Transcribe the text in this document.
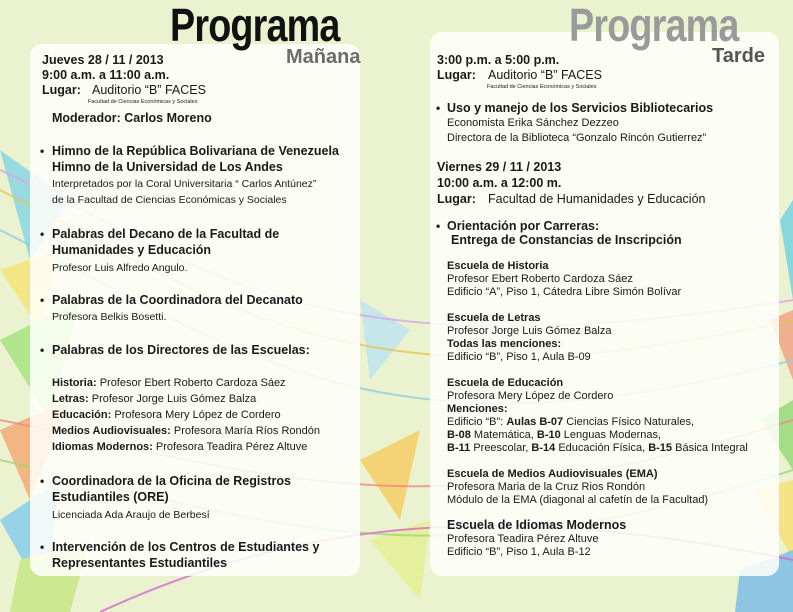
Programa
Mañana
Programa
Tarde
Jueves 28 / 11 / 2013
9:00 a.m. a 11:00 a.m.
Lugar: Auditorio “B” FACES
Facultad de Ciencias Económicas y Sociales
Moderador: Carlos Moreno
• Himno de la República Bolivariana de Venezuela
Himno de la Universidad de Los Andes
Interpretados por la Coral Universitaria “ Carlos Antúnez”
de la Facultad de Ciencias Económicas y Sociales
• Palabras del Decano de la Facultad de
Humanidades y Educación
Profesor Luis Alfredo Angulo.
• Palabras de la Coordinadora del Decanato
Profesora Belkis Bosetti.
• Palabras de los Directores de las Escuelas:
Historia: Profesor Ebert Roberto Cardoza Sáez
Letras: Profesor Jorge Luis Gómez Balza
Educación: Profesora Mery López de Cordero
Medios Audiovisuales: Profesora María Ríos Rondón
Idiomas Modernos: Profesora Teadira Pérez Altuve
• Coordinadora de la Oficina de Registros
Estudiantiles (ORE)
Licenciada Ada Araujo de Berbesí
• Intervención de los Centros de Estudiantes y
Representantes Estudiantiles
3:00 p.m. a 5:00 p.m.
Lugar: Auditorio “B” FACES
Facultad de Ciencias Económicas y Sociales
• Uso y manejo de los Servicios Bibliotecarios
Economista Erika Sánchez Dezzeo
Directora de la Biblioteca “Gonzalo Rincón Gutierrez”
Viernes 29 / 11 / 2013
10:00 a.m. a 12:00 m.
Lugar: Facultad de Humanidades y Educación
• Orientación por Carreras:
Entrega de Constancias de Inscripción
Escuela de Historia
Profesor Ebert Roberto Cardoza Sáez
Edificio “A”, Piso 1, Cátedra Libre Simón Bolívar
Escuela de Letras
Profesor Jorge Luis Gómez Balza
Todas las menciones:
Edificio “B”, Piso 1, Aula B-09
Escuela de Educación
Profesora Mery López de Cordero
Menciones:
Edificio “B”: Aulas B-07 Ciencias Físico Naturales,
B-08 Matemática, B-10 Lenguas Modernas,
B-11 Preescolar, B-14 Educación Física, B-15 Básica Integral
Escuela de Medios Audiovisuales (EMA)
Profesora Maria de la Cruz Rios Rondón
Módulo de la EMA (diagonal al cafetín de la Facultad)
Escuela de Idiomas Modernos
Profesora Teadira Pérez Altuve
Edificio “B”, Piso 1, Aula B-12
